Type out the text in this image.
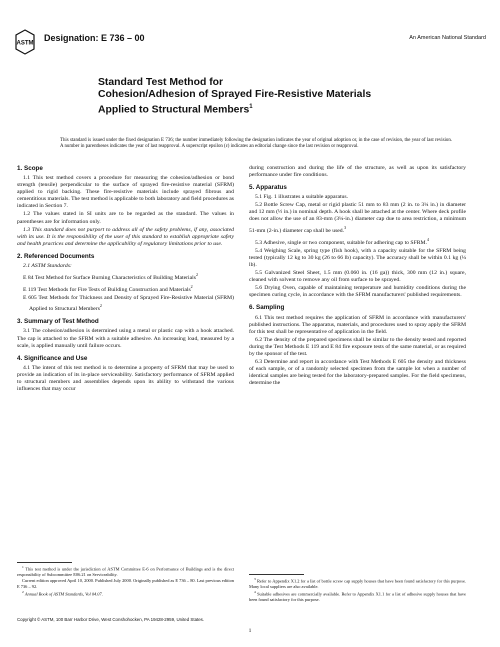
ASTM
Designation: E 736 – 00	An American National Standard
Standard Test Method for
Cohesion/Adhesion of Sprayed Fire-Resistive Materials
Applied to Structural Members$^1$
This standard is issued under the fixed designation E 736; the number immediately following the designation indicates the year of original adoption or, in the case of revision, the year of last revision. A number in parentheses indicates the year of last reapproval. A superscript epsilon (ε) indicates an editorial change since the last revision or reapproval.
1. Scope

1.1 This test method covers a procedure for measuring the cohesion/adhesion or bond strength (tensile) perpendicular to the surface of sprayed fire-resistive material (SFRM) applied to rigid backing. These fire-resistive materials include sprayed fibrous and cementitious materials. The test method is applicable to both laboratory and field procedures as indicated in Section 7.

1.2 The values stated in SI units are to be regarded as the standard. The values in parentheses are for information only.

1.3 This standard does not purport to address all of the safety problems, if any, associated with its use. It is the responsibility of the user of this standard to establish appropriate safety and health practices and determine the applicability of regulatory limitations prior to use.

2. Referenced Documents

2.1 ASTM Standards:

E 84 Test Method for Surface Burning Characteristics of Building Materials$^2$

E 119 Test Methods for Fire Tests of Building Construction and Materials$^2$

E 605 Test Methods for Thickness and Density of Sprayed Fire-Resistive Material (SFRM) Applied to Structural Members$^2$

3. Summary of Test Method

3.1 The cohesion/adhesion is determined using a metal or plastic cap with a hook attached. The cap is attached to the SFRM with a suitable adhesive. An increasing load, measured by a scale, is applied manually until failure occurs.

4. Significance and Use

4.1 The intent of this test method is to determine a property of SFRM that may be used to provide an indication of its in-place serviceability. Satisfactory performance of SFRM applied to structural members and assemblies depends upon its ability to withstand the various influences that may occur

during construction and during the life of the structure, as well as upon its satisfactory performance under fire conditions.

5. Apparatus

5.1 Fig. 1 illustrates a suitable apparatus.

5.2 Bottle Screw Cap, metal or rigid plastic 51 mm to 83 mm (2 in. to 3¼ in.) in diameter and 12 mm (½ in.) in nominal depth. A hook shall be attached at the center. Where deck profile does not allow the use of an 83-mm (3¼-in.) diameter cap due to area restriction, a minimum 51-mm (2-in.) diameter cap shall be used.$^3$

5.3 Adhesive, single or two component, suitable for adhering cap to SFRM.$^4$

5.4 Weighing Scale, spring type (fish hook), with a capacity suitable for the SFRM being tested (typically 12 kg to 30 kg (26 to 66 lb) capacity). The accuracy shall be within 0.1 kg (¼ lb).

5.5 Galvanized Steel Sheet, 1.5 mm (0.060 in. (16 ga)) thick, 300 mm (12 in.) square, cleaned with solvent to remove any oil from surface to be sprayed.

5.6 Drying Oven, capable of maintaining temperature and humidity conditions during the specimen curing cycle, in accordance with the SFRM manufacturers' published requirements.

6. Sampling

6.1 This test method requires the application of SFRM in accordance with manufacturers' published instructions. The apparatus, materials, and procedures used to spray apply the SFRM for this test shall be representative of application in the field.

6.2 The density of the prepared specimens shall be similar to the density tested and reported during the Test Methods E 119 and E 84 fire exposure tests of the same material, or as required by the sponsor of the test.

6.3 Determine and report in accordance with Test Methods E 605 the density and thickness of each sample, or of a randomly selected specimen from the sample lot when a number of identical samples are being tested for the laboratory-prepared samples. For the field specimens, determine the

$^1$ This test method is under the jurisdiction of ASTM Committee E-6 on Performance of Buildings and is the direct responsibility of Subcommittee E06.21 on Serviceability.

Current edition approved April 10, 2000. Published July 2000. Originally published as E 736 – 80. Last previous edition E 736 – 92.

$^2$ Annual Book of ASTM Standards, Vol 04.07.

$^3$ Refer to Appendix X1.2 for a list of bottle screw cap supply houses that have been found satisfactory for this purpose. Many local suppliers are also available.

$^4$ Suitable adhesives are commercially available. Refer to Appendix X1.1 for a list of adhesive supply houses that have been found satisfactory for this purpose.

Copyright © ASTM, 100 Barr Harbor Drive, West Conshohocken, PA 19428-2959, United States.
1
